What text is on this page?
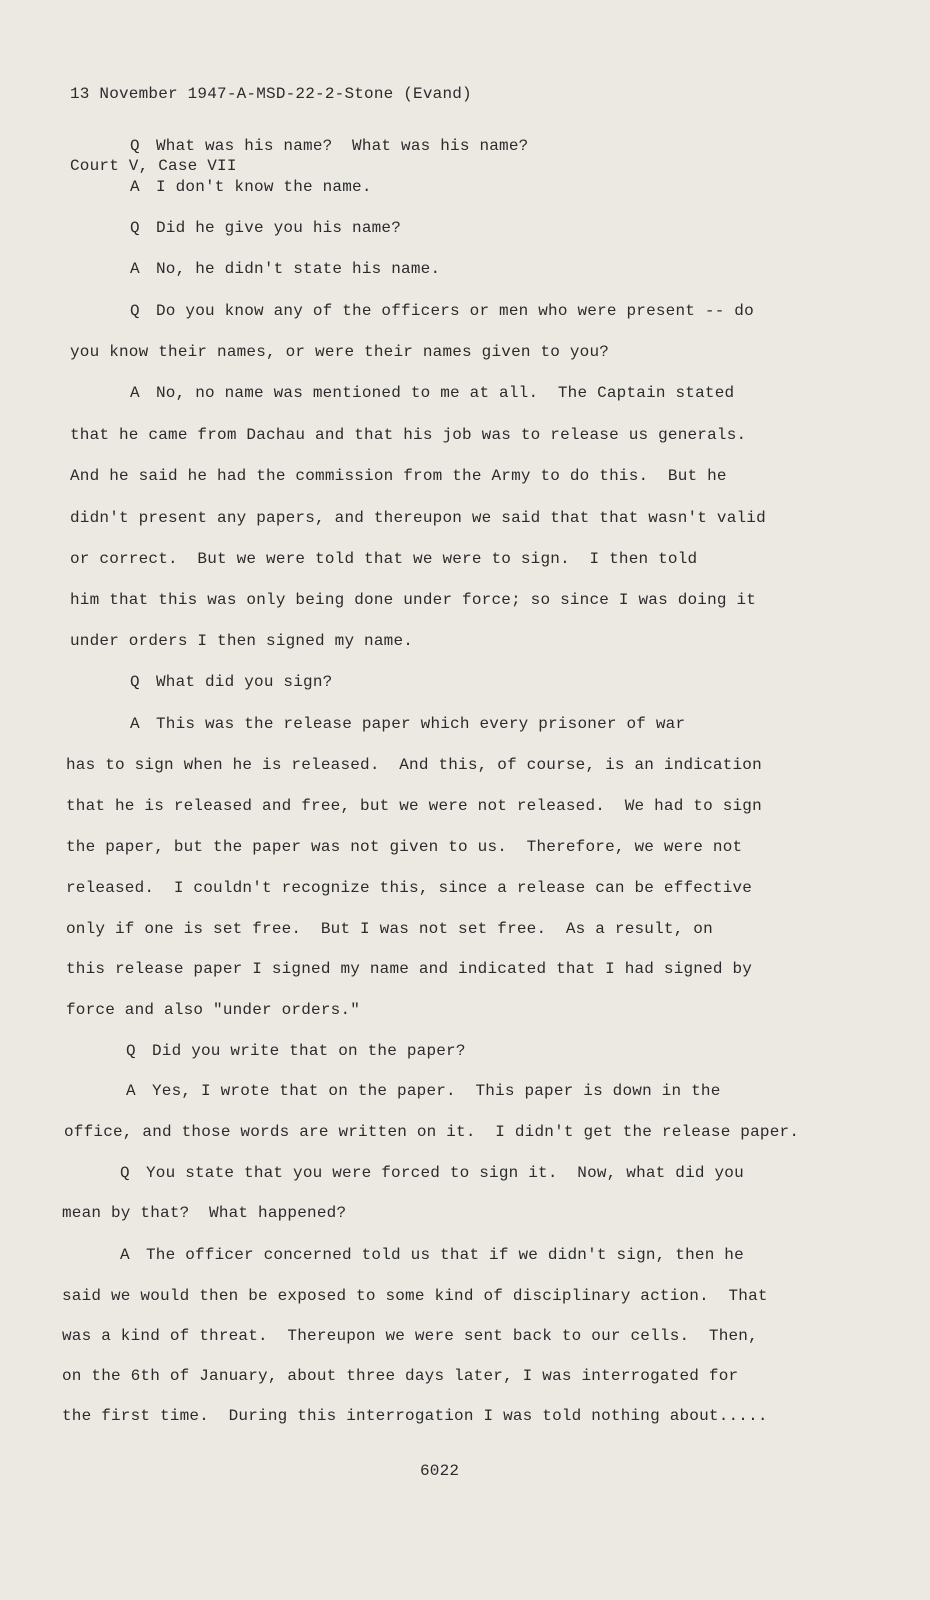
13 November 1947-A-MSD-22-2-Stone (Evand)

Court V, Case VII

Q What was his name?  What was his name?
A I don't know the name.
Q Did he give you his name?
A No, he didn't state his name.
Q Do you know any of the officers or men who were present -- do
you know their names, or were their names given to you?
A No, no name was mentioned to me at all.  The Captain stated
that he came from Dachau and that his job was to release us generals.
And he said he had the commission from the Army to do this.  But he
didn't present any papers, and thereupon we said that that wasn't valid
or correct.  But we were told that we were to sign.  I then told
him that this was only being done under force; so since I was doing it
under orders I then signed my name.
Q What did you sign?
A This was the release paper which every prisoner of war
has to sign when he is released.  And this, of course, is an indication
that he is released and free, but we were not released.  We had to sign
the paper, but the paper was not given to us.  Therefore, we were not
released.  I couldn't recognize this, since a release can be effective
only if one is set free.  But I was not set free.  As a result, on
this release paper I signed my name and indicated that I had signed by
force and also "under orders."
Q Did you write that on the paper?
A Yes, I wrote that on the paper.  This paper is down in the
office, and those words are written on it.  I didn't get the release paper.
Q You state that you were forced to sign it.  Now, what did you
mean by that?  What happened?
A The officer concerned told us that if we didn't sign, then he
said we would then be exposed to some kind of disciplinary action.  That
was a kind of threat.  Thereupon we were sent back to our cells.  Then,
on the 6th of January, about three days later, I was interrogated for
the first time.  During this interrogation I was told nothing about.....
6022
